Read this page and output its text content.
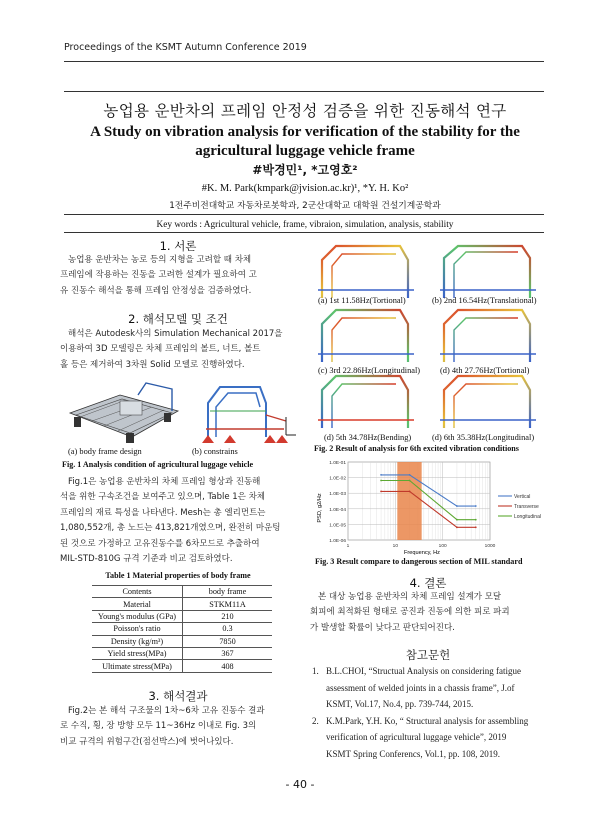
Proceedings of the KSMT Autumn Conference 2019
농업용 운반차의 프레임 안정성 검증을 위한 진동해석 연구
A Study on vibration analysis for verification of the stability for the
agricultural luggage vehicle frame
#박경민¹, *고영호²
#K. M. Park(kmpark@jvision.ac.kr)¹, *Y. H. Ko²
1전주비전대학교 자동차로봇학과, 2군산대학교 대학원 건설기계공학과
Key words : Agricultural vehicle, frame, vibraion, simulation, analysis, stability
1. 서론
농업용 운반차는 농로 등의 지형을 고려할 때 차체
프레임에 작용하는 진동을 고려한 설계가 필요하여 고
유 진동수 해석을 통해 프레임 안정성을 검증하였다.
2. 해석모델 및 조건
해석은 Autodesk사의 Simulation Mechanical 2017을
이용하여 3D 모델링은 차체 프레임의 볼트, 너트, 볼트
홀 등은 제거하여 3차원 Solid 모델로 진행하였다.
(a) body frame design	(b) constrains
Fig. 1 Analysis condition of agricultural luggage vehicle
Fig.1은 농업용 운반차의 차체 프레임 형상과 진동해
석을 위한 구속조건을 보여주고 있으며, Table 1은 차체
프레임의 재료 특성을 나타낸다. Mesh는 총 엘리먼트는
1,080,552개, 총 노드는 413,821개였으며, 완전히 마운팅
된 것으로 가정하고 고유진동수를 6차모드로 추출하여
MIL-STD-810G 규격 기준과 비교 검토하였다.
Table 1 Material properties of body frame
Contents	body frame
Material	STKM11A
Young's modulus (GPa)	210
Poisson's ratio	0.3
Density (kg/m³)	7850
Yield stress(MPa)	367
Ultimate stress(MPa)	408
3. 해석결과
Fig.2는 본 해석 구조물의 1차~6차 고유 진동수 결과
로 수직, 횡, 장 방향 모두 11~36Hz 이내로 Fig. 3의
비교 규격의 위험구간(점선박스)에 벗어나있다.
(a) 1st 11.58Hz(Tortional)	(b) 2nd 16.54Hz(Translational)
(c) 3rd 22.86Hz(Longitudinal) (d) 4th 27.76Hz(Tortional)
(d) 5th 34.78Hz(Bending) (d) 6th 35.38Hz(Longitudinal)
Fig. 2 Result of analysis for 6th excited vibration conditions
1.0E-06
1.0E-05
1.0E-04
1.0E-03
1.0E-02
1.0E-01
1	10	100	1000
PSD, g2/Hz
Frequency, Hz
Vertical
Transverse
Longitudinal
Fig. 3 Result compare to dangerous section of MIL standard
4. 결론
본 대상 농업용 운반차의 차체 프레임 설계가 모달
회피에 최적화된 형태로 공진과 진동에 의한 피로 파괴
가 발생할 확률이 낮다고 판단되어진다.
참고문헌
1. B.L.CHOI, “Structual Analysis on considering fatigue
assessment of welded joints in a chassis frame”, J.of
KSMT, Vol.17, No.4, pp. 739-744, 2015.
2. K.M.Park, Y.H. Ko, “ Structural analysis for assembling
verification of agricultural luggage vehicle”, 2019
KSMT Spring Conferencs, Vol.1, pp. 108, 2019.
- 40 -
